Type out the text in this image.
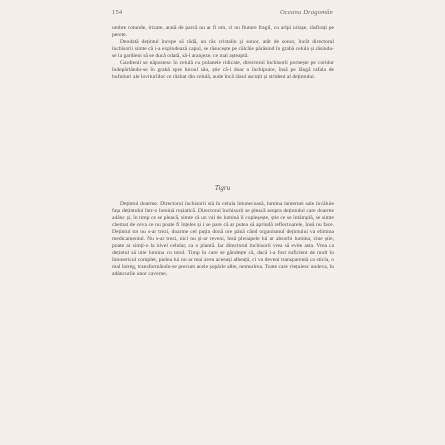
154	Oceanu Dragomân

umbre rotunde, irizate, arată de parcă nu ar fi om, ci un fluture fragil, cu aripi uriașe, răsfirați pe perete.

Deodată dețintul începe să râdă, un râs cristalin și sonor, atât de sonor, încât directorul închisorii simte că i-a explodează capul, se răsucește pe călcâie părăsind în grabă celula și răsindu-se la gardieni să se ducă odată, să-l aranjeze, ce mai așteaptă.

Gardienii se năpustesc în celulă cu pulanele ridicate, directorul închisorii pornește pe coridor îndepărtându-se în grabă spre biroul său, știe că-i doar o închipuire, însă pe lângă rafala de bufnituri ale lovituriilor ce răzbat din celulă, aude încă râsul ascuțit și strident al dețintului.

Tigru

Dețintul doarme. Directorul închisorii stă în celula întunecoasă, lumina lanternei sale învăluie fața dețintului într-o lumină roșiatică. Directorul închisorii se pleacă asupra dețintului care doarme adânc și, în timp ce se pleacă, simte că un val de lumină îl copleșește, știe ce se întâmplă, se simte chemat de ceva ce nu poate fi înțeles și i se pare că ar putea să aprindă reflectoarele, însă nu face. Dețintul tot nu s-ar trezi, doarme cel puțin două ore până când organismul dețintului va elimina medicamentul. Nu s-ar trezi, nici nu și-ar reveni, însă pleoapele lui ar absorbi lumina, cine știe, poate ar simți-o la nivel celular, ca o plantă. Iar directorul închisorii vrea să evite asta. Vrea ca dețintul să uite lumina cu totul. Timp în care se gândește că, dacă i-a fost suficient de mult în întunericul complet, pielea lui nu ar mai avea aceeași albeață, ci va deveni transparentă ca sticla, o mal întreg, transformându-se precum acele șopârle albe, nemurirea. Toate care viețuiesc undeva, în adâncurile unor caverne,
